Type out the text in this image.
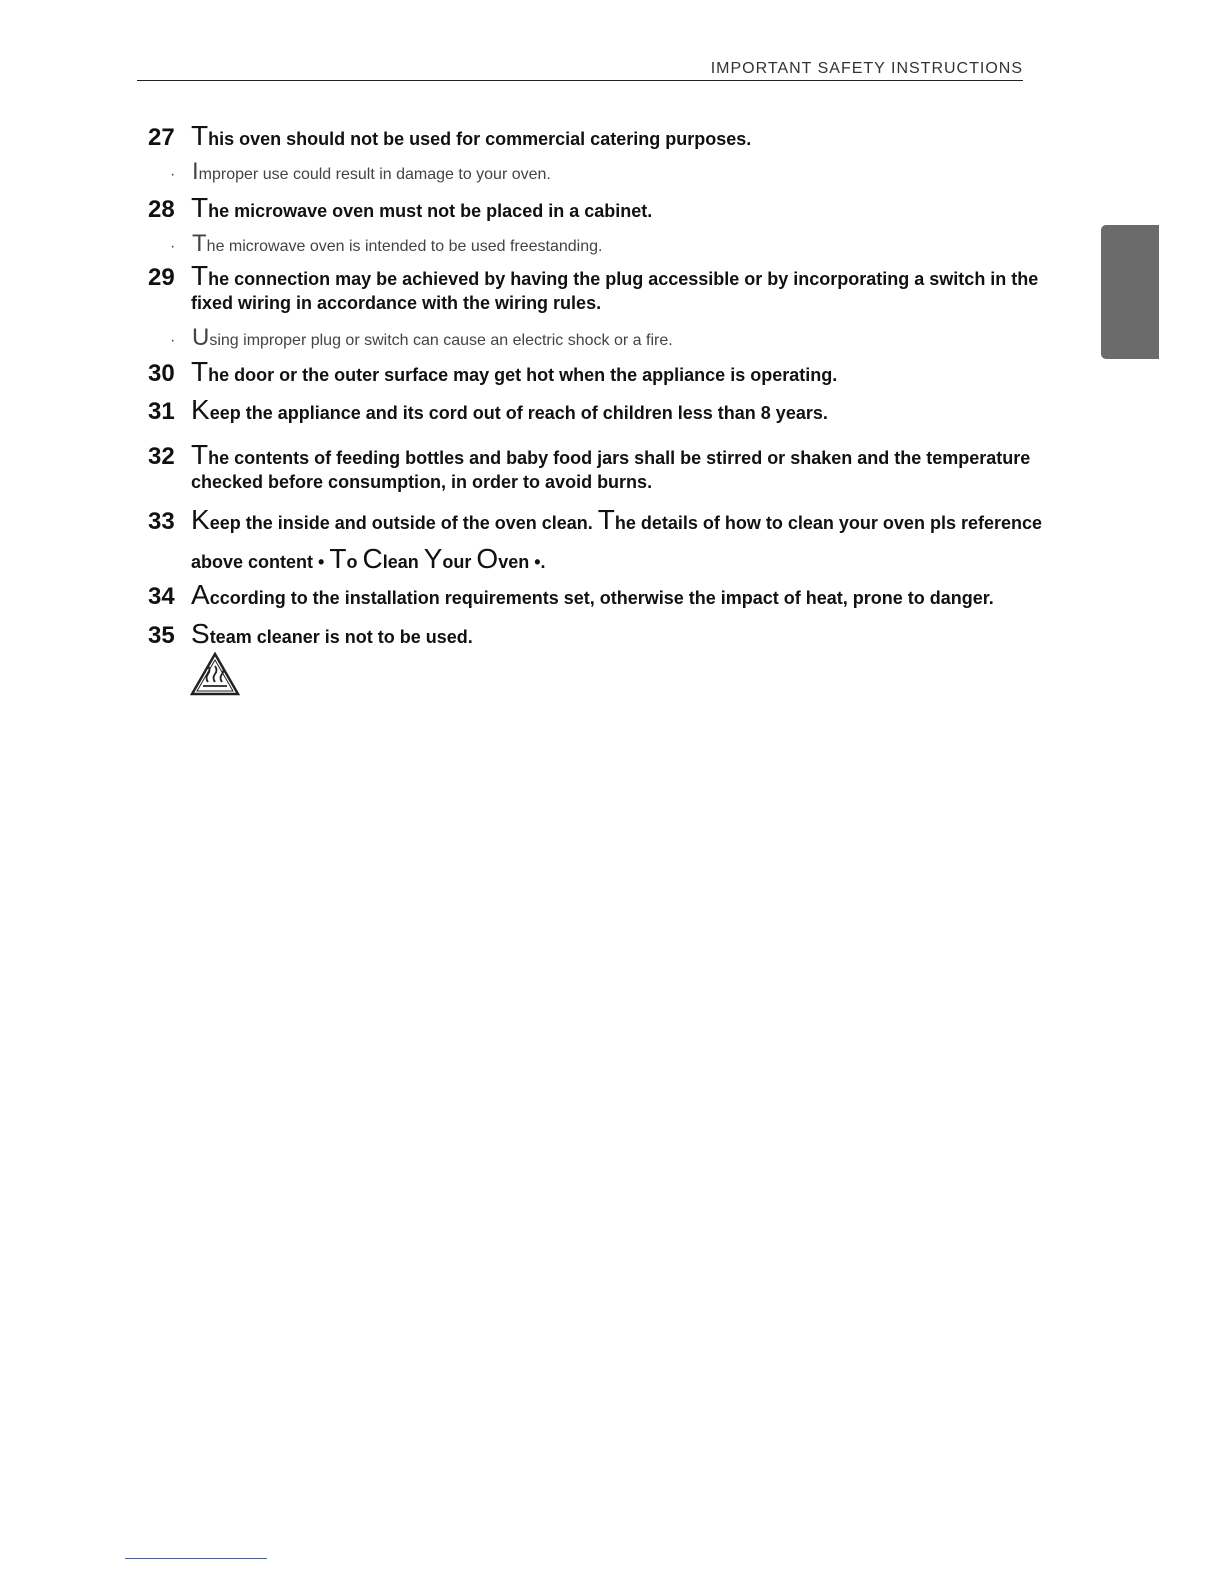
IMPORTANT SAFETY INSTRUCTIONS
27 This oven should not be used for commercial catering purposes.
· Improper use could result in damage to your oven.
28 The microwave oven must not be placed in a cabinet.
· The microwave oven is intended to be used freestanding.
29 The connection may be achieved by having the plug accessible or by incorporating a switch in the fixed wiring in accordance with the wiring rules.
· Using improper plug or switch can cause an electric shock or a fire.
30 The door or the outer surface may get hot when the appliance is operating.
31 Keep the appliance and its cord out of reach of children less than 8 years.
32 The contents of feeding bottles and baby food jars shall be stirred or shaken and the temperature checked before consumption, in order to avoid burns.
33 Keep the inside and outside of the oven clean. The details of how to clean your oven pls reference above content • To Clean Your Oven •.
34 According to the installation requirements set, otherwise the impact of heat, prone to danger.
35 Steam cleaner is not to be used.
